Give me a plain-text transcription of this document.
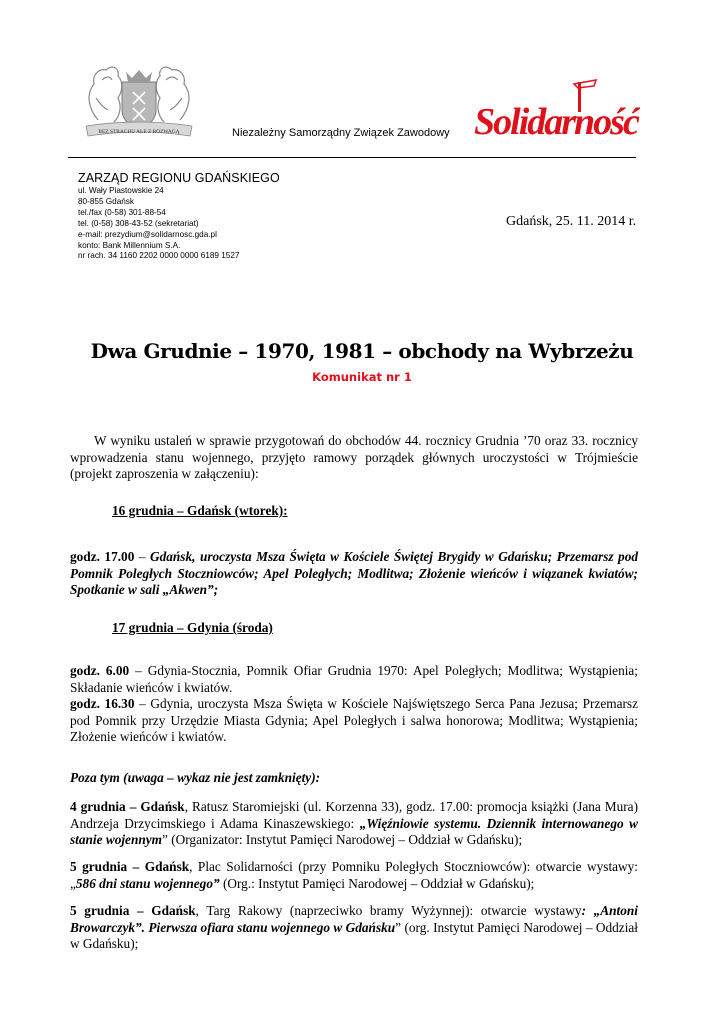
BEZ STRACHU ALE Z ROZWAGĄ	Niezależny Samorządny Związek Zawodowy Solidarność
ZARZĄD REGIONU GDAŃSKIEGO
ul. Wały Piastowskie 24
80-855 Gdańsk
tel./fax (0-58) 301-88-54
tel. (0-58) 308-43-52 (sekretariat)
e-mail: prezydium@solidarnosc.gda.pl
konto: Bank Millennium S.A.
nr rach. 34 1160 2202 0000 0000 6189 1527
Gdańsk, 25. 11. 2014 r.
Dwa Grudnie – 1970, 1981 – obchody na Wybrzeżu
Komunikat nr 1
W wyniku ustaleń w sprawie przygotowań do obchodów 44. rocznicy Grudnia ’70 oraz 33. rocznicy wprowadzenia stanu wojennego, przyjęto ramowy porządek głównych uroczystości w Trójmieście (projekt zaproszenia w załączeniu):
16 grudnia – Gdańsk (wtorek):
godz. 17.00 – Gdańsk, uroczysta Msza Święta w Kościele Świętej Brygidy w Gdańsku; Przemarsz pod Pomnik Poległych Stoczniowców; Apel Poległych; Modlitwa; Złożenie wieńców i wiązanek kwiatów; Spotkanie w sali „Akwen”;
17 grudnia – Gdynia (środa)
godz. 6.00 – Gdynia-Stocznia, Pomnik Ofiar Grudnia 1970: Apel Poległych; Modlitwa; Wystąpienia; Składanie wieńców i kwiatów.
godz. 16.30 – Gdynia, uroczysta Msza Święta w Kościele Najświętszego Serca Pana Jezusa; Przemarsz pod Pomnik przy Urzędzie Miasta Gdynia; Apel Poległych i salwa honorowa; Modlitwa; Wystąpienia; Złożenie wieńców i kwiatów.
Poza tym (uwaga – wykaz nie jest zamknięty):
4 grudnia – Gdańsk, Ratusz Staromiejski (ul. Korzenna 33), godz. 17.00: promocja książki (Jana Mura) Andrzeja Drzycimskiego i Adama Kinaszewskiego: „Więźniowie systemu. Dziennik internowanego w stanie wojennym” (Organizator: Instytut Pamięci Narodowej – Oddział w Gdańsku);
5 grudnia – Gdańsk, Plac Solidarności (przy Pomniku Poległych Stoczniowców): otwarcie wystawy: „586 dni stanu wojennego” (Org.: Instytut Pamięci Narodowej – Oddział w Gdańsku);
5 grudnia – Gdańsk, Targ Rakowy (naprzeciwko bramy Wyżynnej): otwarcie wystawy: „Antoni Browarczyk”. Pierwsza ofiara stanu wojennego w Gdańsku” (org. Instytut Pamięci Narodowej – Oddział w Gdańsku);
